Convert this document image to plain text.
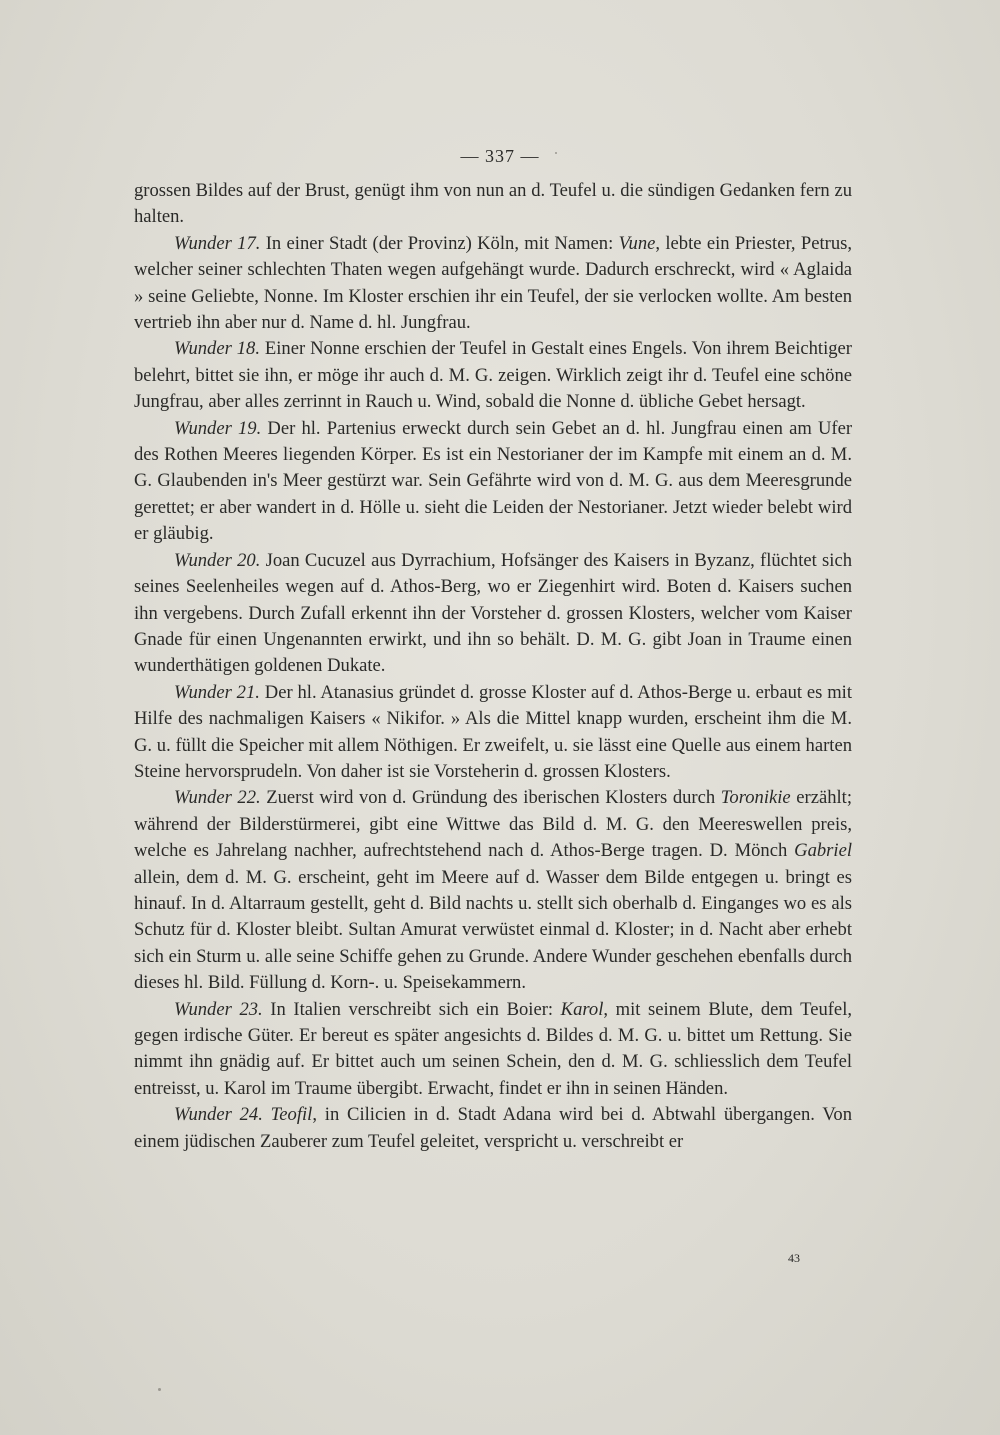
— 337 —

grossen Bildes auf der Brust, genügt ihm von nun an d. Teufel u. die sündigen Gedanken fern zu halten.

Wunder 17. In einer Stadt (der Provinz) Köln, mit Namen: Vune, lebte ein Priester, Petrus, welcher seiner schlechten Thaten wegen aufgehängt wurde. Dadurch erschreckt, wird « Aglaida » seine Geliebte, Nonne. Im Kloster erschien ihr ein Teufel, der sie verlocken wollte. Am besten vertrieb ihn aber nur d. Name d. hl. Jungfrau.

Wunder 18. Einer Nonne erschien der Teufel in Gestalt eines Engels. Von ihrem Beichtiger belehrt, bittet sie ihn, er möge ihr auch d. M. G. zeigen. Wirklich zeigt ihr d. Teufel eine schöne Jungfrau, aber alles zerrinnt in Rauch u. Wind, sobald die Nonne d. übliche Gebet hersagt.

Wunder 19. Der hl. Partenius erweckt durch sein Gebet an d. hl. Jungfrau einen am Ufer des Rothen Meeres liegenden Körper. Es ist ein Nestorianer der im Kampfe mit einem an d. M. G. Glaubenden in's Meer gestürzt war. Sein Gefährte wird von d. M. G. aus dem Meeresgrunde gerettet; er aber wandert in d. Hölle u. sieht die Leiden der Nestorianer. Jetzt wieder belebt wird er gläubig.

Wunder 20. Joan Cucuzel aus Dyrrachium, Hofsänger des Kaisers in Byzanz, flüchtet sich seines Seelenheiles wegen auf d. Athos-Berg, wo er Ziegenhirt wird. Boten d. Kaisers suchen ihn vergebens. Durch Zufall erkennt ihn der Vorsteher d. grossen Klosters, welcher vom Kaiser Gnade für einen Ungenannten erwirkt, und ihn so behält. D. M. G. gibt Joan in Traume einen wunderthätigen goldenen Dukate.

Wunder 21. Der hl. Atanasius gründet d. grosse Kloster auf d. Athos-Berge u. erbaut es mit Hilfe des nachmaligen Kaisers « Nikifor. » Als die Mittel knapp wurden, erscheint ihm die M. G. u. füllt die Speicher mit allem Nöthigen. Er zweifelt, u. sie lässt eine Quelle aus einem harten Steine hervorsprudeln. Von daher ist sie Vorsteherin d. grossen Klosters.

Wunder 22. Zuerst wird von d. Gründung des iberischen Klosters durch Toronikie erzählt; während der Bilderstürmerei, gibt eine Wittwe das Bild d. M. G. den Meereswellen preis, welche es Jahrelang nachher, aufrechtstehend nach d. Athos-Berge tragen. D. Mönch Gabriel allein, dem d. M. G. erscheint, geht im Meere auf d. Wasser dem Bilde entgegen u. bringt es hinauf. In d. Altarraum gestellt, geht d. Bild nachts u. stellt sich oberhalb d. Einganges wo es als Schutz für d. Kloster bleibt. Sultan Amurat verwüstet einmal d. Kloster; in d. Nacht aber erhebt sich ein Sturm u. alle seine Schiffe gehen zu Grunde. Andere Wunder geschehen ebenfalls durch dieses hl. Bild. Füllung d. Korn-. u. Speisekammern.

Wunder 23. In Italien verschreibt sich ein Boier: Karol, mit seinem Blute, dem Teufel, gegen irdische Güter. Er bereut es später angesichts d. Bildes d. M. G. u. bittet um Rettung. Sie nimmt ihn gnädig auf. Er bittet auch um seinen Schein, den d. M. G. schliesslich dem Teufel entreisst, u. Karol im Traume übergibt. Erwacht, findet er ihn in seinen Händen.

Wunder 24. Teofil, in Cilicien in d. Stadt Adana wird bei d. Abtwahl übergangen. Von einem jüdischen Zauberer zum Teufel geleitet, verspricht u. verschreibt er

43
